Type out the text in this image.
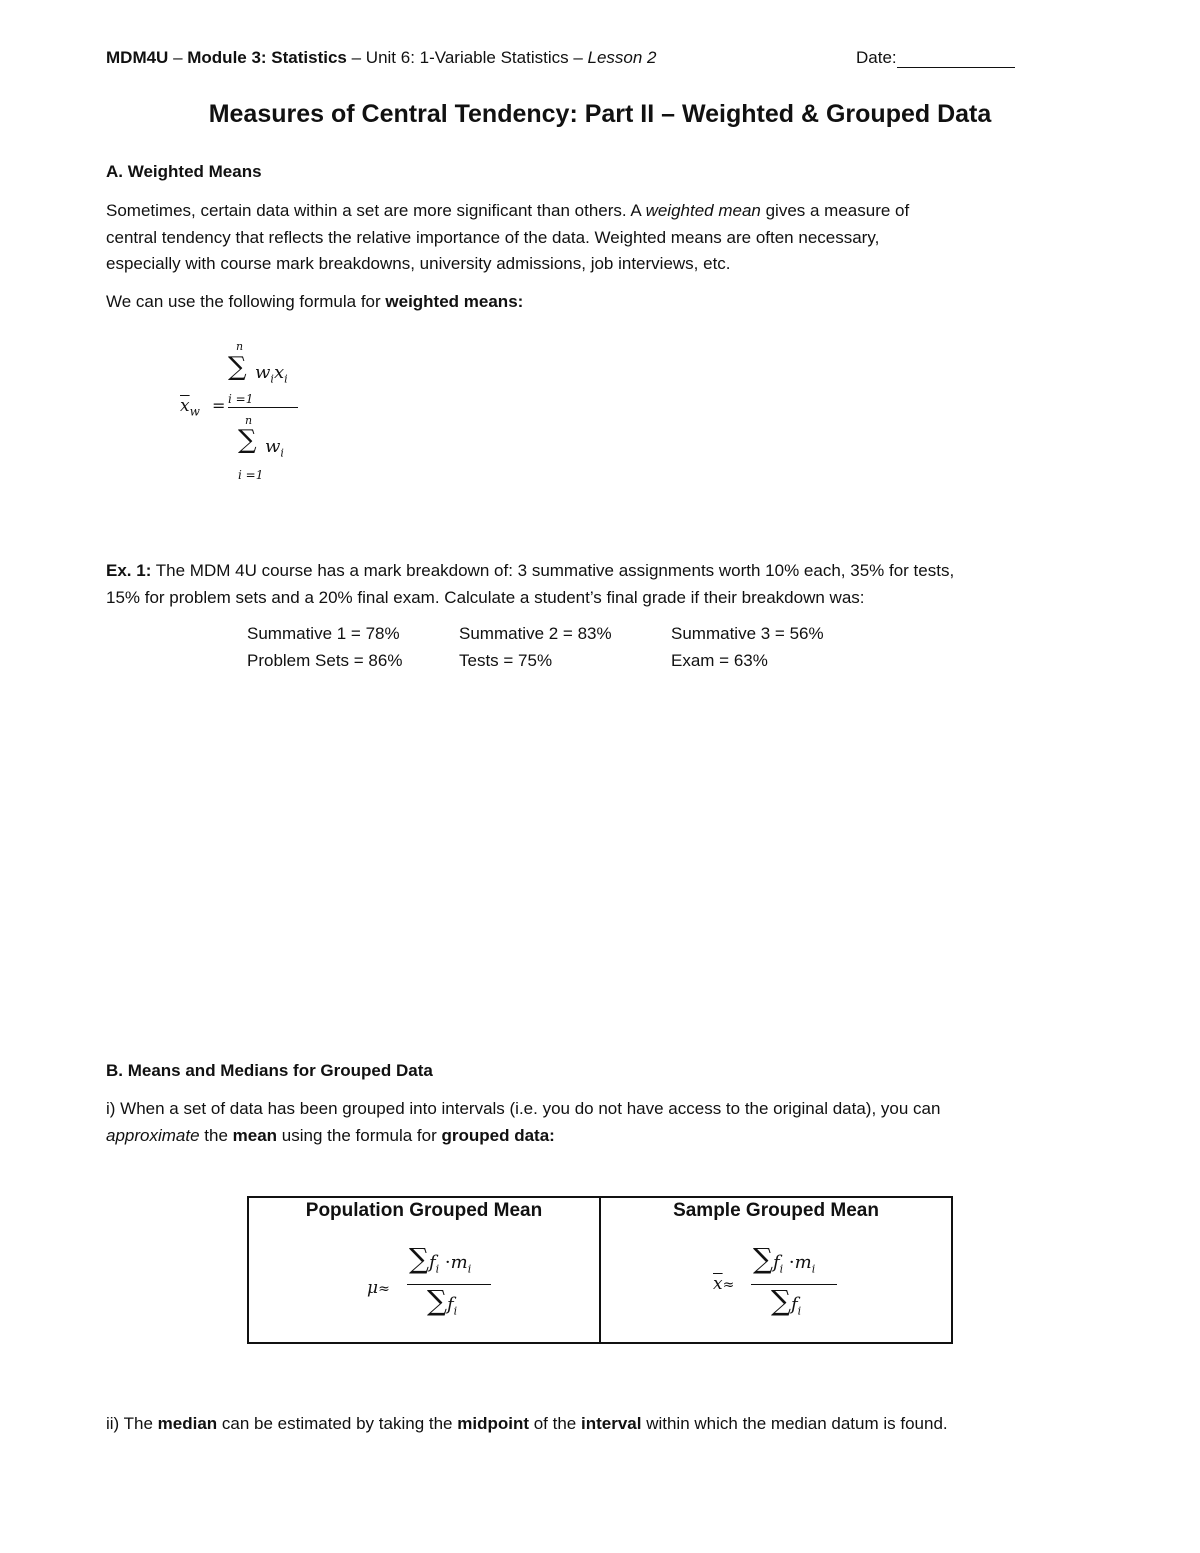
MDM4U – Module 3: Statistics – Unit 6: 1-Variable Statistics – Lesson 2	Date:
Measures of Central Tendency: Part II – Weighted & Grouped Data
A. Weighted Means
Sometimes, certain data within a set are more significant than others. A weighted mean gives a measure of
central tendency that reflects the relative importance of the data. Weighted means are often necessary,
especially with course mark breakdowns, university admissions, job interviews, etc.
We can use the following formula for weighted means:
$\overline{x}_w$ =
n
∑ $w_ix_i$
i =1
n
∑ $w_i$
i =1
Ex. 1: The MDM 4U course has a mark breakdown of: 3 summative assignments worth 10% each, 35% for tests,
15% for problem sets and a 20% final exam. Calculate a student’s final grade if their breakdown was:
Summative 1 = 78%	Summative 2 = 83%	Summative 3 = 56%
Problem Sets = 86%	Tests = 75%	Exam = 63%
B. Means and Medians for Grouped Data
i) When a set of data has been grouped into intervals (i.e. you do not have access to the original data), you can
approximate the mean using the formula for grouped data:
Population Grouped Mean
μ≈
$\sum f_i \cdot m_i$
$\sum f_i$

Sample Grouped Mean
$\overline{x}\approx$
$\sum f_i \cdot m_i$
$\sum f_i$
ii) The median can be estimated by taking the midpoint of the interval within which the median datum is found.
